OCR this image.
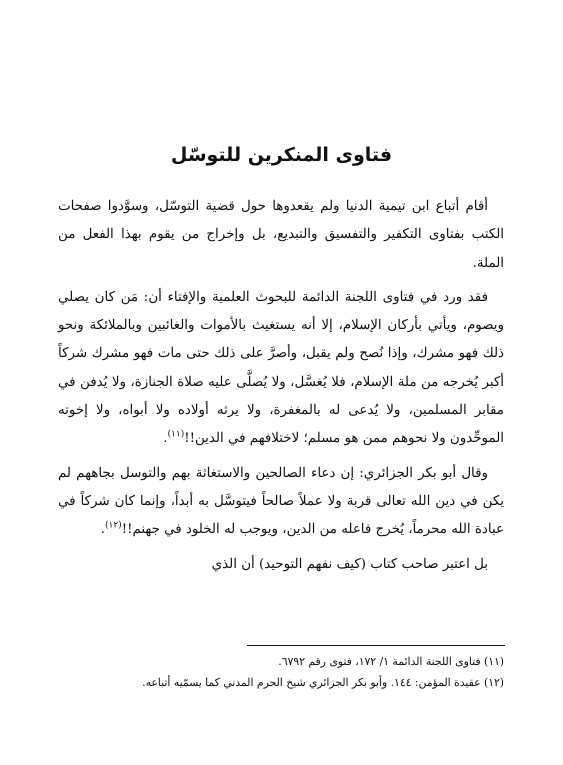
فتاوى المنكرين للتوسّل

أقام أتباع ابن تيمية الدنيا ولم يقعدوها حول قضية التوسّل، وسوَّدوا صفحات الكتب بفتاوى التكفير والتفسيق والتبديع، بل وإخراج من يقوم بهذا الفعل من الملة.

فقد ورد في فتاوى اللجنة الدائمة للبحوث العلمية والإفتاء أن: مَن كان يصلي ويصوم، ويأتي بأركان الإسلام، إلا أنه يستغيث بالأموات والغائبين وبالملائكة ونحو ذلك فهو مشرك، وإذا نُصح ولم يقبل، وأصرَّ على ذلك حتى مات فهو مشرك شركاً أكبر يُخرجه من ملة الإسلام، فلا يُغسَّل، ولا يُصلَّى عليه صلاة الجنازة، ولا يُدفن في مقابر المسلمين، ولا يُدعى له بالمغفرة، ولا يرثه أولاده ولا أبواه، ولا إخوته الموحِّدون ولا نحوهم ممن هو مسلم؛ لاختلافهم في الدين!!$^{(١١)}$.

وقال أبو بكر الجزائري: إن دعاء الصالحين والاستغاثة بهم والتوسل بجاههم لم يكن في دين الله تعالى قربة ولا عملاً صالحاً فيتوسَّل به أبداً، وإنما كان شركاً في عبادة الله محرماً، يُخرج فاعله من الدين، ويوجب له الخلود في جهنم!!$^{(١٢)}$.

بل اعتبر صاحب كتاب (كيف نفهم التوحيد) أن الذي

(١١) فتاوى اللجنة الدائمة ١/ ١٧٢، فتوى رقم ٦٧٩٢.

(١٢) عقيدة المؤمن: ١٤٤. وأبو بكر الجزائري شيخ الحرم المدني كما يسمّيه أتباعه.
